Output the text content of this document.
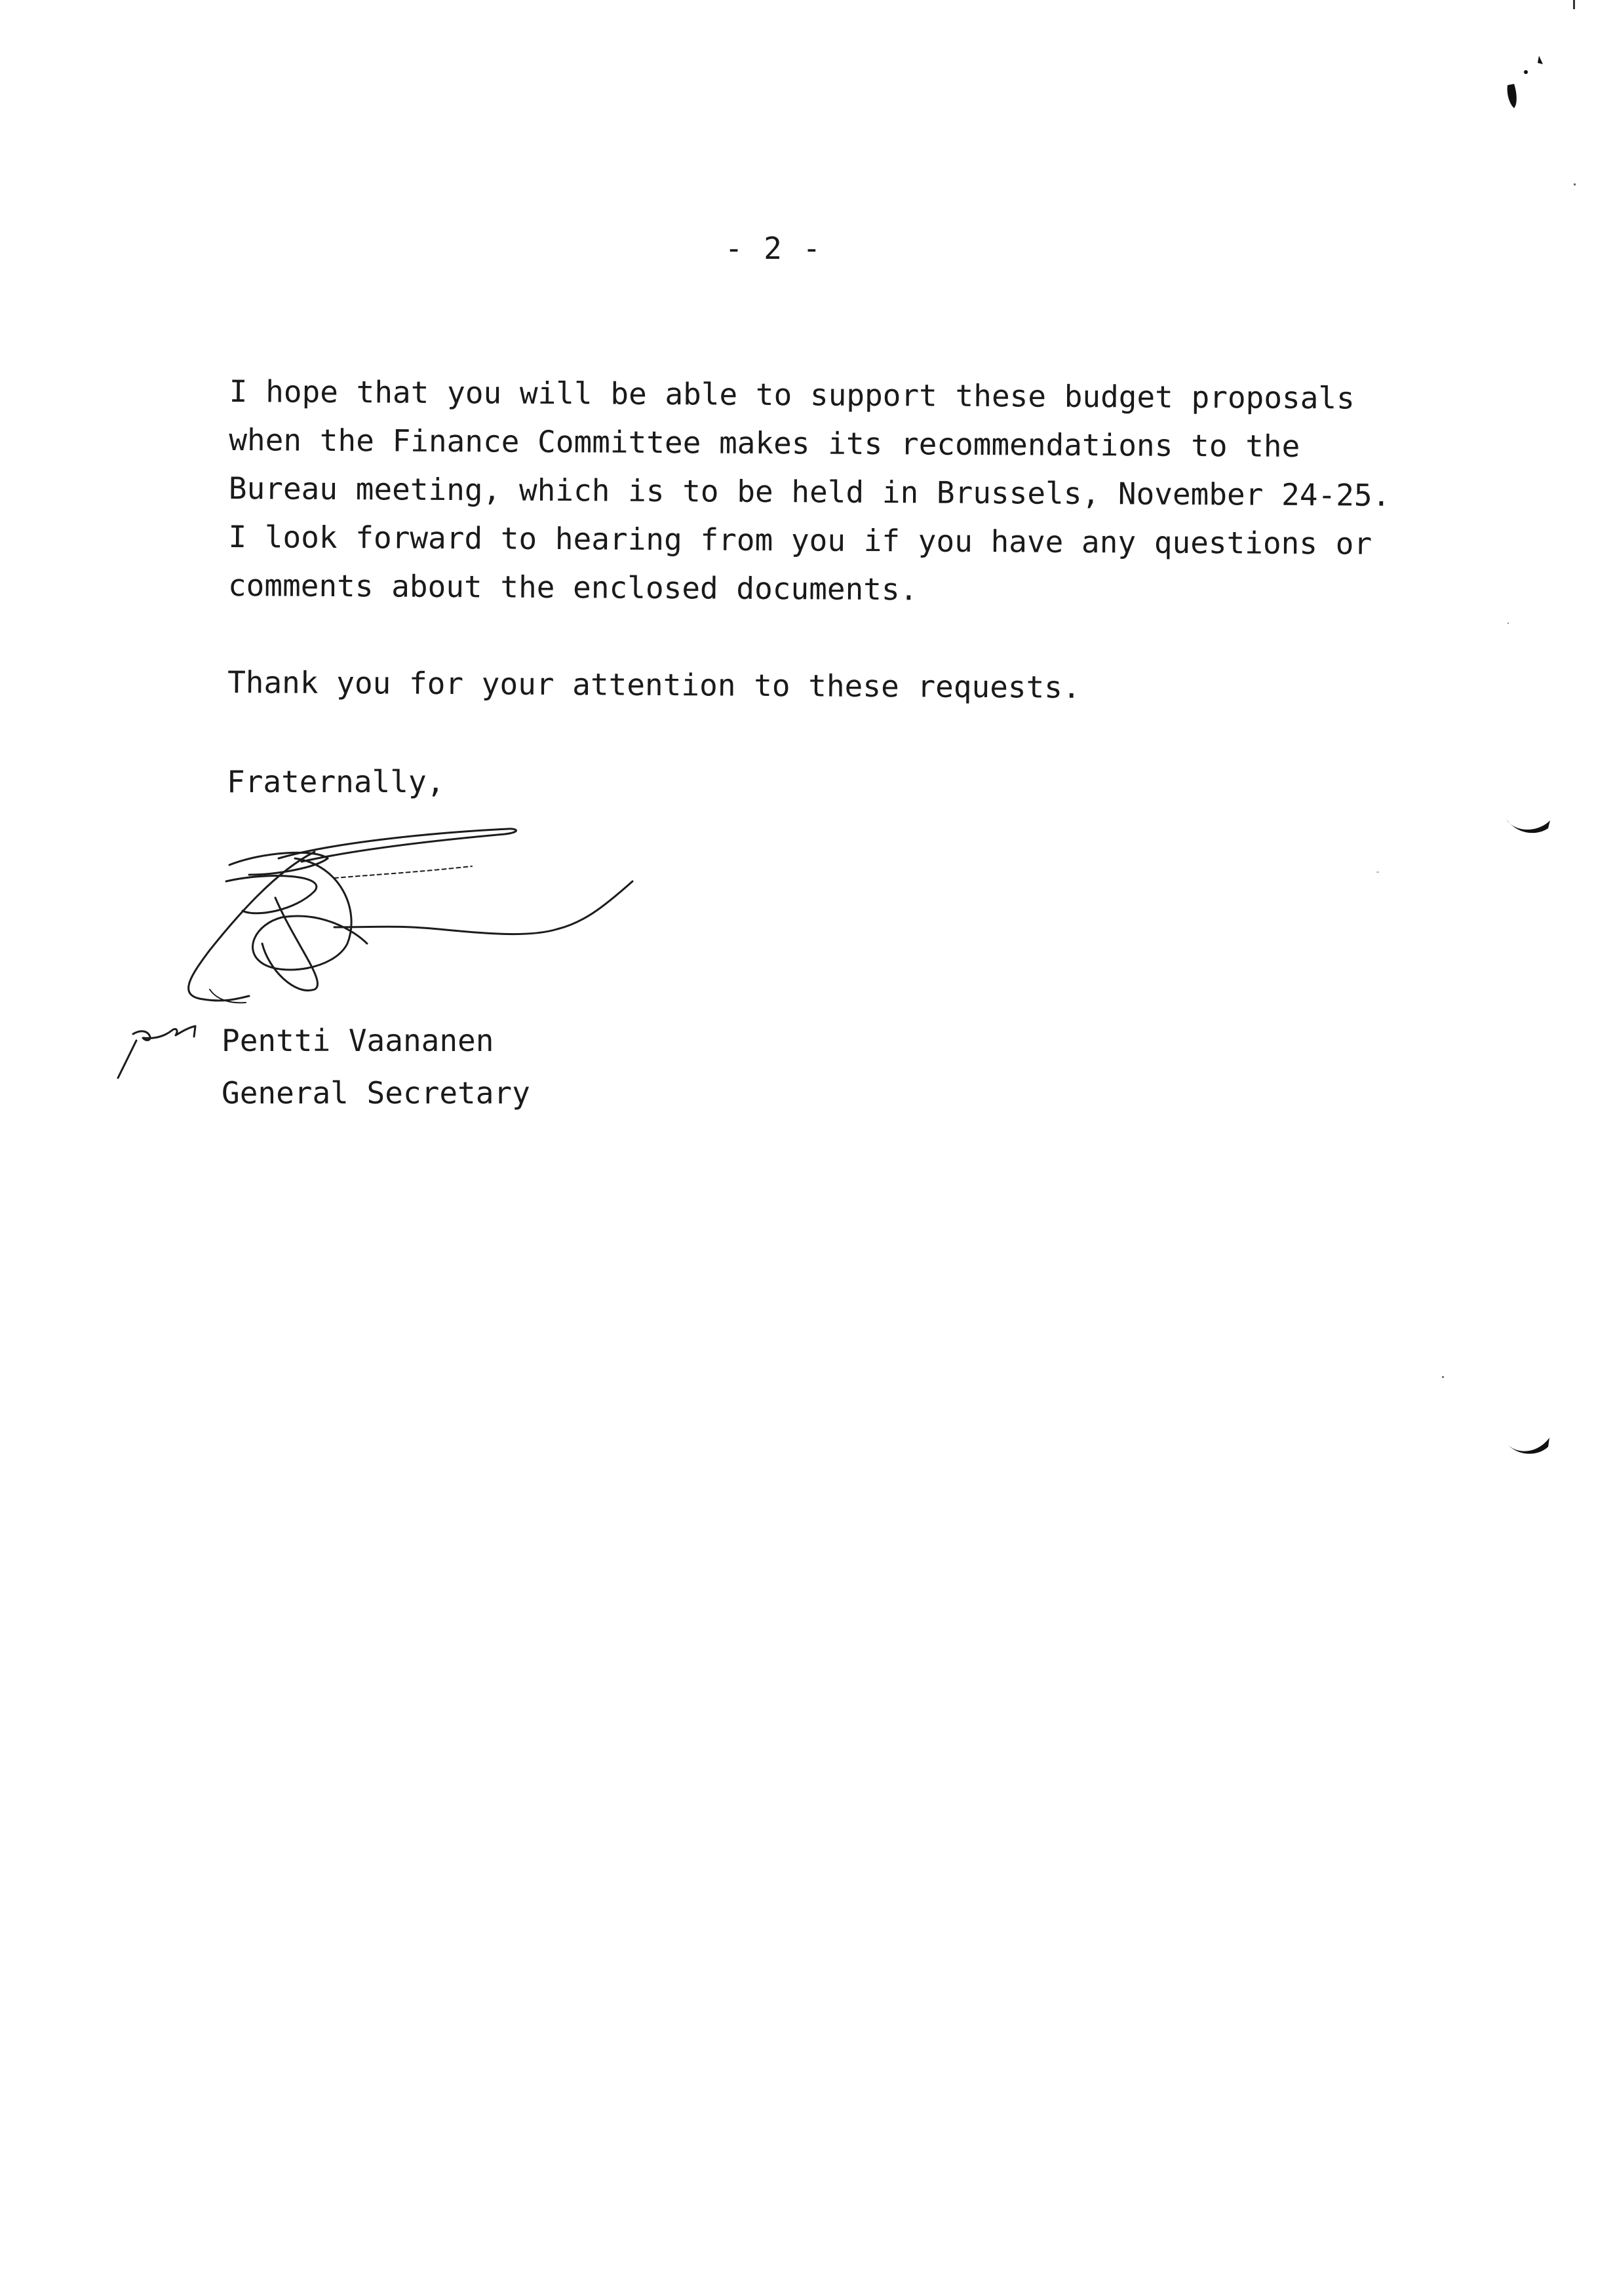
- 2 -

I hope that you will be able to support these budget proposals
when the Finance Committee makes its recommendations to the
Bureau meeting, which is to be held in Brussels, November 24-25.
I look forward to hearing from you if you have any questions or
comments about the enclosed documents.

Thank you for your attention to these requests.

Fraternally,
Pentti Vaananen
General Secretary
